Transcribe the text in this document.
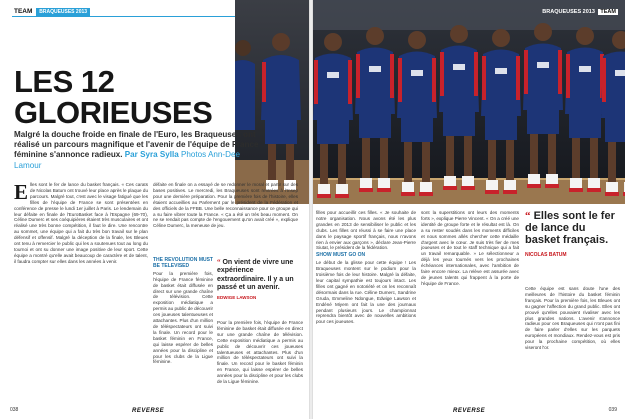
TEAM BRAQUEUSES 2013
LES 12
GLORIEUSES
Malgré la douche froide en finale de l'Euro, les Braqueuses ont réalisé un parcours magnifique et l'avenir de l'équipe de France féminine s'annonce radieux. Par Syra Sylla Photos Ann-Dee Lamour
E lles sont le fer de lance du basket français. « Ces carats de Nicolas Batum ont trouvé leur place après le plaque du parcours. Malgré tout, c'est avec le visage fatigué que les filles de l'équipe de France se sont présentées en conférence de presse le lundi 1er juillet à Paris. Le lendemain du leur défaite en finale de l'EuroBasket face à l'Espagne (69-70), Céline Dumerc et ses coéquipières étaient très musculaires et ont réalisé une très bonne compétition, il faut le dire. Une rencontre au sommet, une équipe qui a fait du très bon travail sur le plan défensif et offensif. Malgré la déception de la finale, les Bleues ont tenu à remercier le public qui les a soutenues tout au long du tournoi et ont su donner une image positive de leur sport. Cette équipe a montré qu'elle avait beaucoup de caractère et de talent, il faudra compter sur elles dans les années à venir.
défaite en finale on a essayé de se redonner le moral et partir sur des bases positives. Le mercredi, les Braqueuses sont rentrées à l'Insep pour une dernière préparation. Pour la première fois de l'histoire, elles étaient accueillies au Parlement par le président de la Fédération et des officiels de la FFBB. Une belle reconnaissance pour ce groupe qui a su faire vibrer toute la France. « Ça a été un très beau moment. On ne se rendait pas compte de l'engouement qu'on avait créé », explique Céline Dumerc, la meneuse de jeu.
THE REVOLUTION MUST BE TELEVISED
Pour la première fois, l'équipe de France féminine de basket était diffusée en direct sur une grande chaîne de télévision. Cette exposition médiatique a permis au public de découvrir ces joueuses talentueuses et attachantes. Plus d'un million de téléspectateurs ont suivi la finale. Un record pour le basket féminin en France, qui laisse espérer de belles années pour la discipline et pour les clubs de la Ligue féminine.
“ On vient de vivre une expérience extraordinaire. Il y a un passé et un avenir.
EDWIGE LAWSON
Pour la première fois, l'équipe de France féminine de basket était diffusée en direct sur une grande chaîne de télévision. Cette exposition médiatique a permis au public de découvrir ces joueuses talentueuses et attachantes. Plus d'un million de téléspectateurs ont suivi la finale. Un record pour le basket féminin en France, qui laisse espérer de belles années pour la discipline et pour les clubs de la Ligue féminine.
038	REVERSE
BRAQUEUSES 2013 TEAM
filles pour accueillir ces filles. « Je souhaite de notre organisation. Nous avons été les plus grandes en 2013 de sensibiliser le public et les clubs. Les filles ont réussi à se faire une place dans le paysage sportif français, nous n'avons rien à envier aux garçons », déclare Jean-Pierre Siutat, le président de la fédération.
SHOW MUST GO ON
Le début de la glisse pour cette équipe ! Les Braqueuses montent sur le podium pour la troisième fois de leur histoire. Malgré la défaite, leur capital sympathie est toujours intact. Les filles ont gagné en notoriété et on les reconnaît désormais dans la rue. Céline Dumerc, Sandrine Gruda, Emmeline Ndongue, Edwige Lawson et Endéné Miyem ont fait la une des journaux pendant plusieurs jours. Le championnat reprendra bientôt avec de nouvelles ambitions pour ces joueuses.
sont la superstitions ont leurs des moments forts », explique Pierre Vincent. « On a créé une identité de groupe forte et le résultat est là. On a su rester soudés dans les moments difficiles et nous sommes allés chercher cette médaille d'argent avec le cœur. Je suis très fier de mes joueuses et de tout le staff technique qui a fait un travail remarquable. » Le sélectionneur a déjà les yeux tournés vers les prochaines échéances internationales, avec l'ambition de faire encore mieux. La relève est assurée avec de jeunes talents qui frappent à la porte de l'équipe de France.
“ Elles sont le fer de lance du basket français.
NICOLAS BATUM
Cette équipe est sans doute l'une des meilleures de l'histoire du basket féminin français. Pour la première fois, les Bleues ont su gagner l'affection du grand public. Elles ont prouvé qu'elles pouvaient rivaliser avec les plus grandes nations. L'avenir s'annonce radieux pour ces Braqueuses qui n'ont pas fini de faire parler d'elles sur les parquets européens et mondiaux. Rendez-vous est pris pour la prochaine compétition, où elles viseront l'or.
REVERSE	039
